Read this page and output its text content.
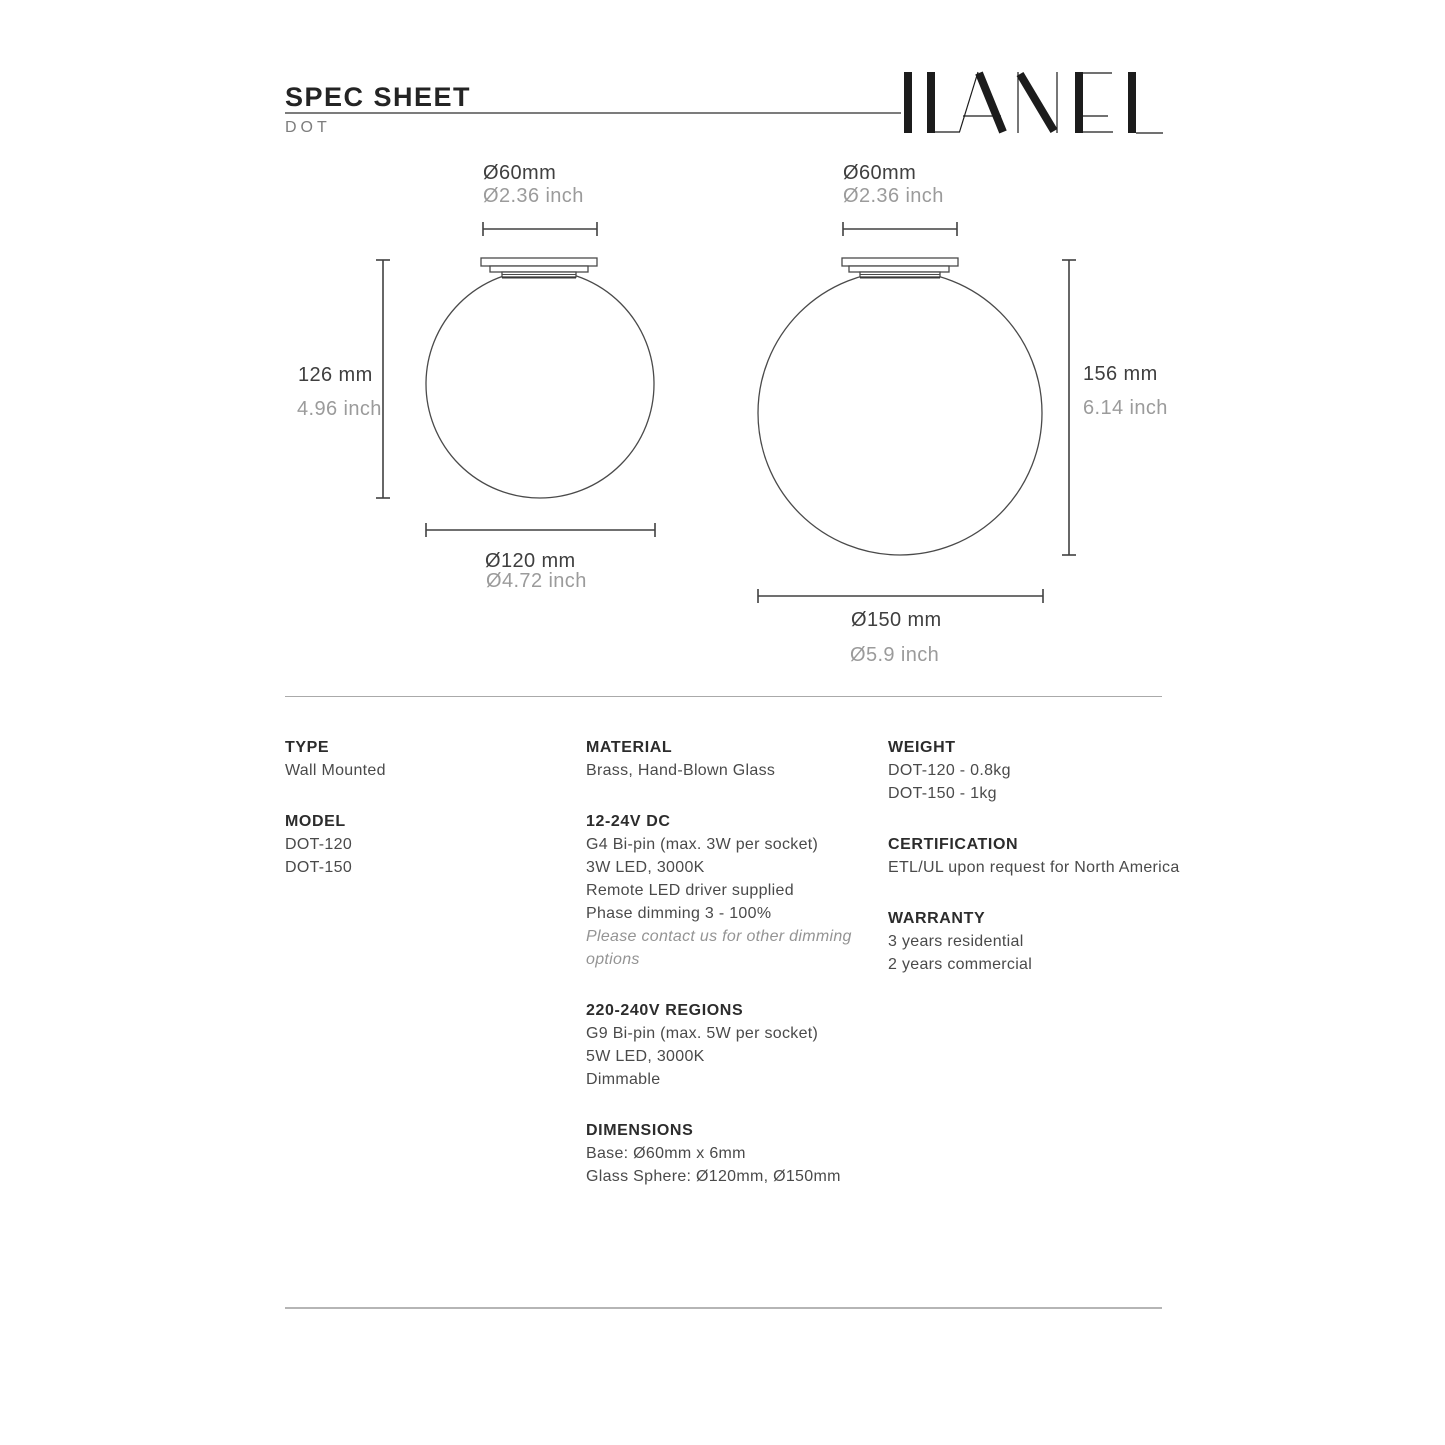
SPEC SHEET
DOT
Ø60mm
Ø2.36 inch
126 mm
4.96 inch
Ø120 mm
Ø4.72 inch
Ø60mm
Ø2.36 inch
156 mm
6.14 inch
Ø150 mm
Ø5.9 inch
TYPE
Wall Mounted
MODEL
DOT-120
DOT-150
MATERIAL
Brass, Hand-Blown Glass
12-24V DC
G4 Bi-pin (max. 3W per socket)
3W LED, 3000K
Remote LED driver supplied
Phase dimming 3 - 100%
Please contact us for other dimming options
220-240V REGIONS
G9 Bi-pin (max. 5W per socket)
5W LED, 3000K
Dimmable
DIMENSIONS
Base: Ø60mm x 6mm
Glass Sphere: Ø120mm, Ø150mm
WEIGHT
DOT-120 - 0.8kg
DOT-150 - 1kg
CERTIFICATION
ETL/UL upon request for North America
WARRANTY
3 years residential
2 years commercial
